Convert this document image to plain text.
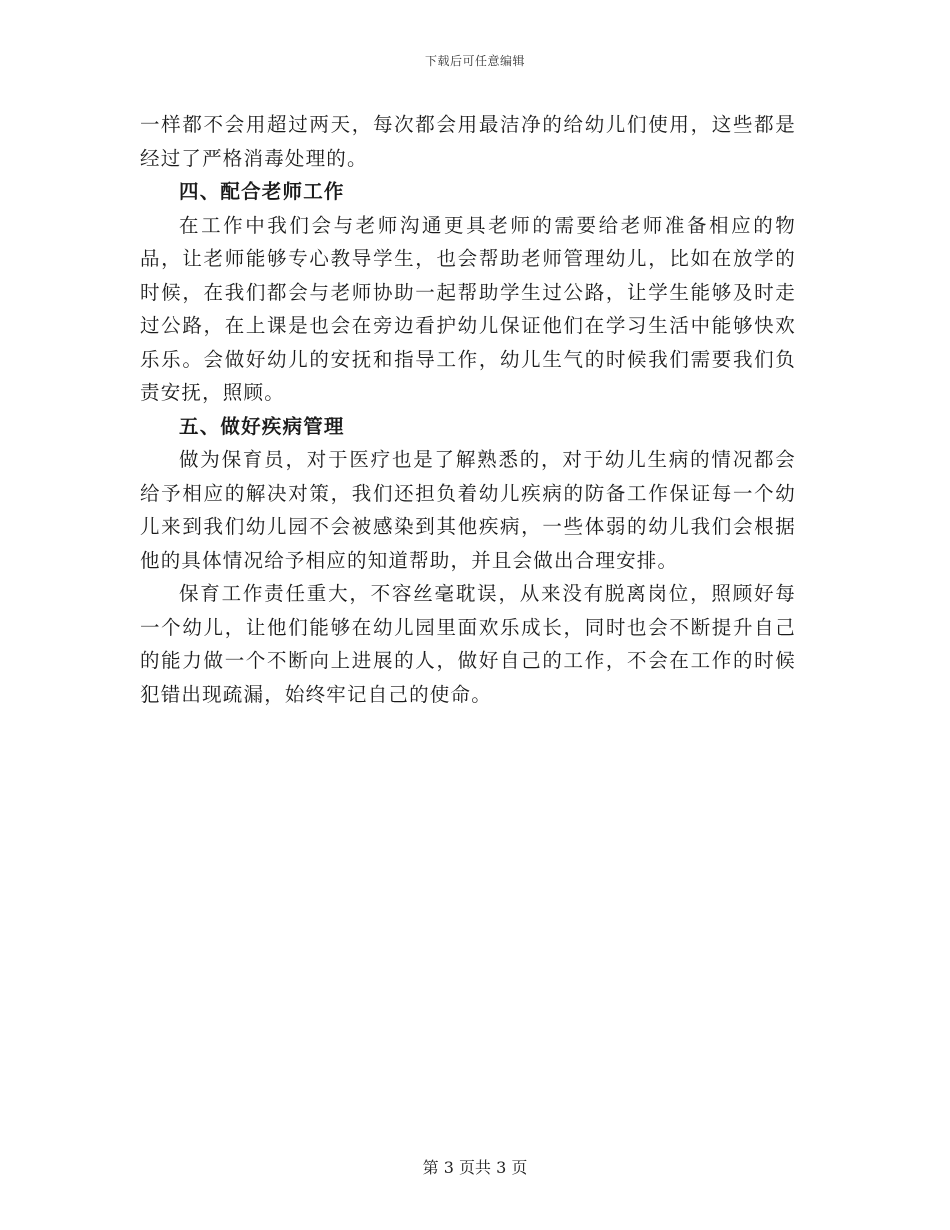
下载后可任意编辑

一样都不会用超过两天，每次都会用最洁净的给幼儿们使用，这些都是经过了严格消毒处理的。

四、配合老师工作

在工作中我们会与老师沟通更具老师的需要给老师准备相应的物品，让老师能够专心教导学生，也会帮助老师管理幼儿，比如在放学的时候，在我们都会与老师协助一起帮助学生过公路，让学生能够及时走过公路，在上课是也会在旁边看护幼儿保证他们在学习生活中能够快欢乐乐。会做好幼儿的安抚和指导工作，幼儿生气的时候我们需要我们负责安抚，照顾。

五、做好疾病管理

做为保育员，对于医疗也是了解熟悉的，对于幼儿生病的情况都会给予相应的解决对策，我们还担负着幼儿疾病的防备工作保证每一个幼儿来到我们幼儿园不会被感染到其他疾病，一些体弱的幼儿我们会根据他的具体情况给予相应的知道帮助，并且会做出合理安排。

保育工作责任重大，不容丝毫耽误，从来没有脱离岗位，照顾好每一个幼儿，让他们能够在幼儿园里面欢乐成长，同时也会不断提升自己的能力做一个不断向上进展的人，做好自己的工作，不会在工作的时候犯错出现疏漏，始终牢记自己的使命。

第 3 页共 3 页
